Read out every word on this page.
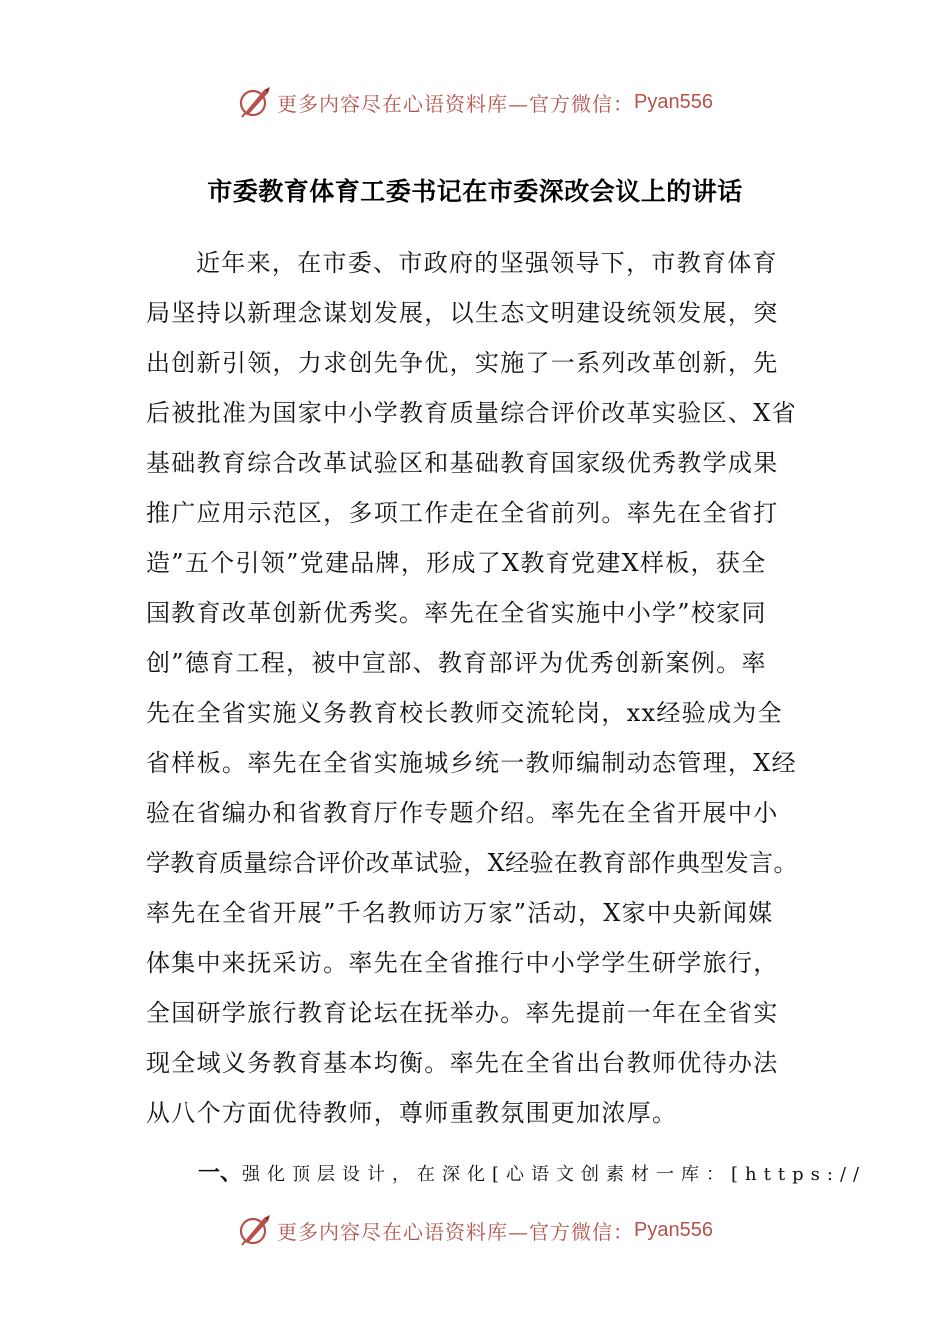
更多内容尽在心语资料库—官方微信： Pyan556
市委教育体育工委书记在市委深改会议上的讲话
近年来，在市委、市政府的坚强领导下，市教育体育
局坚持以新理念谋划发展，以生态文明建设统领发展，突
出创新引领，力求创先争优，实施了一系列改革创新，先
后被批准为国家中小学教育质量综合评价改革实验区、X省
基础教育综合改革试验区和基础教育国家级优秀教学成果
推广应用示范区，多项工作走在全省前列。率先在全省打
造”五个引领”党建品牌，形成了X教育党建X样板，获全
国教育改革创新优秀奖。率先在全省实施中小学”校家同
创”德育工程，被中宣部、教育部评为优秀创新案例。率
先在全省实施义务教育校长教师交流轮岗，xx经验成为全
省样板。率先在全省实施城乡统一教师编制动态管理，X经
验在省编办和省教育厅作专题介绍。率先在全省开展中小
学教育质量综合评价改革试验，X经验在教育部作典型发言。
率先在全省开展”千名教师访万家”活动，X家中央新闻媒
体集中来抚采访。率先在全省推行中小学学生研学旅行，
全国研学旅行教育论坛在抚举办。率先提前一年在全省实
现全域义务教育基本均衡。率先在全省出台教师优待办法
从八个方面优待教师，尊师重教氛围更加浓厚。
一、强化顶层设计，在深化[心语文创素材一库：[https://
更多内容尽在心语资料库—官方微信： Pyan556
